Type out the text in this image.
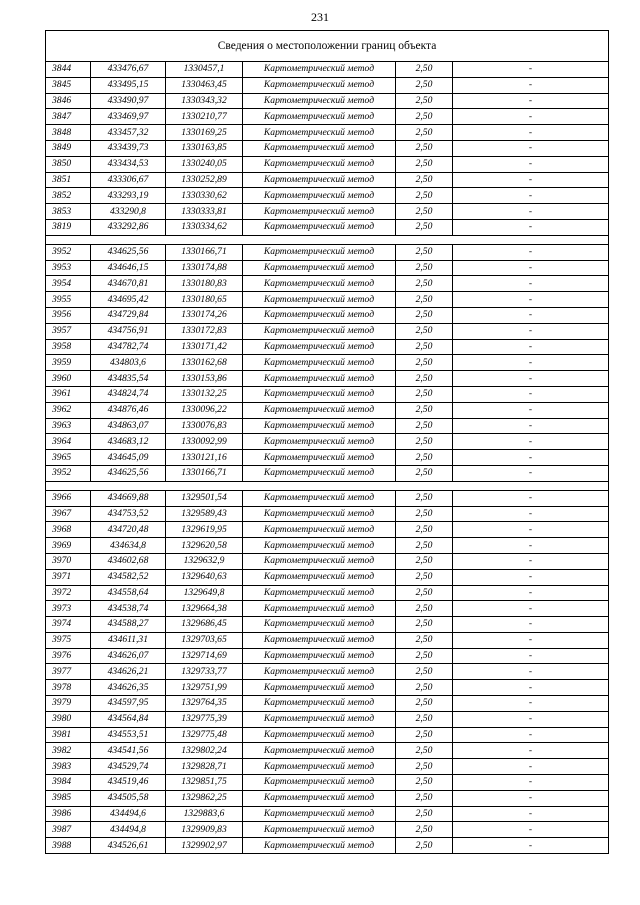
231
Сведения о местоположении границ объекта					
3844	433476,67	1330457,1	Картометрический метод	2,50	-
3845	433495,15	1330463,45	Картометрический метод	2,50	-
3846	433490,97	1330343,32	Картометрический метод	2,50	-
3847	433469,97	1330210,77	Картометрический метод	2,50	-
3848	433457,32	1330169,25	Картометрический метод	2,50	-
3849	433439,73	1330163,85	Картометрический метод	2,50	-
3850	433434,53	1330240,05	Картометрический метод	2,50	-
3851	433306,67	1330252,89	Картометрический метод	2,50	-
3852	433293,19	1330330,62	Картометрический метод	2,50	-
3853	433290,8	1330333,81	Картометрический метод	2,50	-
3819	433292,86	1330334,62	Картометрический метод	2,50	-

3952	434625,56	1330166,71	Картометрический метод	2,50	-
3953	434646,15	1330174,88	Картометрический метод	2,50	-
3954	434670,81	1330180,83	Картометрический метод	2,50	-
3955	434695,42	1330180,65	Картометрический метод	2,50	-
3956	434729,84	1330174,26	Картометрический метод	2,50	-
3957	434756,91	1330172,83	Картометрический метод	2,50	-
3958	434782,74	1330171,42	Картометрический метод	2,50	-
3959	434803,6	1330162,68	Картометрический метод	2,50	-
3960	434835,54	1330153,86	Картометрический метод	2,50	-
3961	434824,74	1330132,25	Картометрический метод	2,50	-
3962	434876,46	1330096,22	Картометрический метод	2,50	-
3963	434863,07	1330076,83	Картометрический метод	2,50	-
3964	434683,12	1330092,99	Картометрический метод	2,50	-
3965	434645,09	1330121,16	Картометрический метод	2,50	-
3952	434625,56	1330166,71	Картометрический метод	2,50	-

3966	434669,88	1329501,54	Картометрический метод	2,50	-
3967	434753,52	1329589,43	Картометрический метод	2,50	-
3968	434720,48	1329619,95	Картометрический метод	2,50	-
3969	434634,8	1329620,58	Картометрический метод	2,50	-
3970	434602,68	1329632,9	Картометрический метод	2,50	-
3971	434582,52	1329640,63	Картометрический метод	2,50	-
3972	434558,64	1329649,8	Картометрический метод	2,50	-
3973	434538,74	1329664,38	Картометрический метод	2,50	-
3974	434588,27	1329686,45	Картометрический метод	2,50	-
3975	434611,31	1329703,65	Картометрический метод	2,50	-
3976	434626,07	1329714,69	Картометрический метод	2,50	-
3977	434626,21	1329733,77	Картометрический метод	2,50	-
3978	434626,35	1329751,99	Картометрический метод	2,50	-
3979	434597,95	1329764,35	Картометрический метод	2,50	-
3980	434564,84	1329775,39	Картометрический метод	2,50	-
3981	434553,51	1329775,48	Картометрический метод	2,50	-
3982	434541,56	1329802,24	Картометрический метод	2,50	-
3983	434529,74	1329828,71	Картометрический метод	2,50	-
3984	434519,46	1329851,75	Картометрический метод	2,50	-
3985	434505,58	1329862,25	Картометрический метод	2,50	-
3986	434494,6	1329883,6	Картометрический метод	2,50	-
3987	434494,8	1329909,83	Картометрический метод	2,50	-
3988	434526,61	1329902,97	Картометрический метод	2,50	-
